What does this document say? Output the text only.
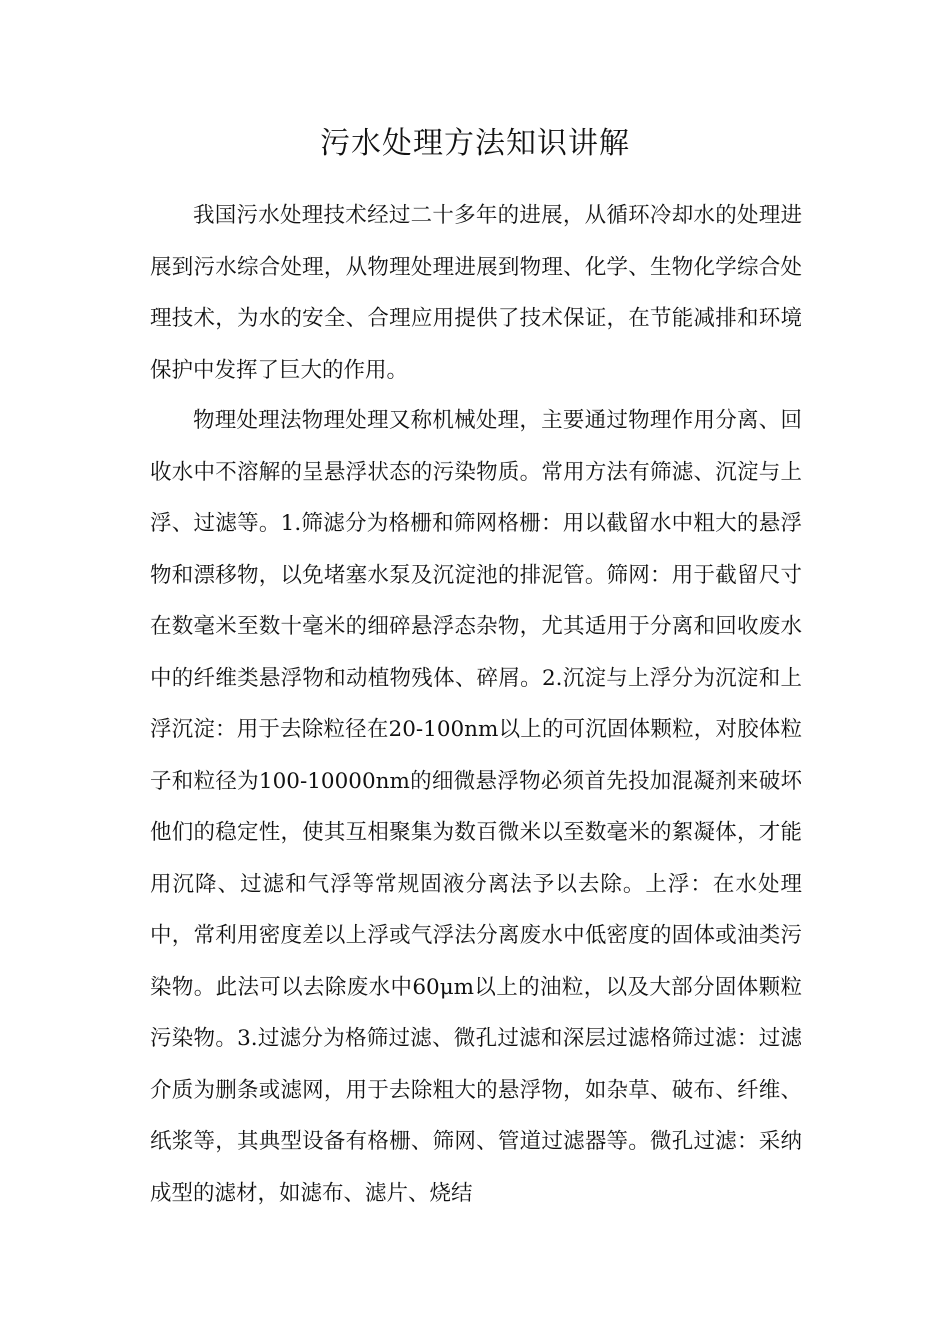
污水处理方法知识讲解

我国污水处理技术经过二十多年的进展，从循环冷却水的处理进展到污水综合处理，从物理处理进展到物理、化学、生物化学综合处理技术，为水的安全、合理应用提供了技术保证，在节能减排和环境保护中发挥了巨大的作用。

物理处理法物理处理又称机械处理，主要通过物理作用分离、回收水中不溶解的呈悬浮状态的污染物质。常用方法有筛滤、沉淀与上浮、过滤等。1.筛滤分为格栅和筛网格栅：用以截留水中粗大的悬浮物和漂移物，以免堵塞水泵及沉淀池的排泥管。筛网：用于截留尺寸在数毫米至数十毫米的细碎悬浮态杂物，尤其适用于分离和回收废水中的纤维类悬浮物和动植物残体、碎屑。2.沉淀与上浮分为沉淀和上浮沉淀：用于去除粒径在20-100nm以上的可沉固体颗粒，对胶体粒子和粒径为100-10000nm的细微悬浮物必须首先投加混凝剂来破坏他们的稳定性，使其互相聚集为数百微米以至数毫米的絮凝体，才能用沉降、过滤和气浮等常规固液分离法予以去除。上浮：在水处理中，常利用密度差以上浮或气浮法分离废水中低密度的固体或油类污染物。此法可以去除废水中60μm以上的油粒，以及大部分固体颗粒污染物。3.过滤分为格筛过滤、微孔过滤和深层过滤格筛过滤：过滤介质为删条或滤网，用于去除粗大的悬浮物，如杂草、破布、纤维、纸浆等，其典型设备有格栅、筛网、管道过滤器等。微孔过滤：采纳成型的滤材，如滤布、滤片、烧结
